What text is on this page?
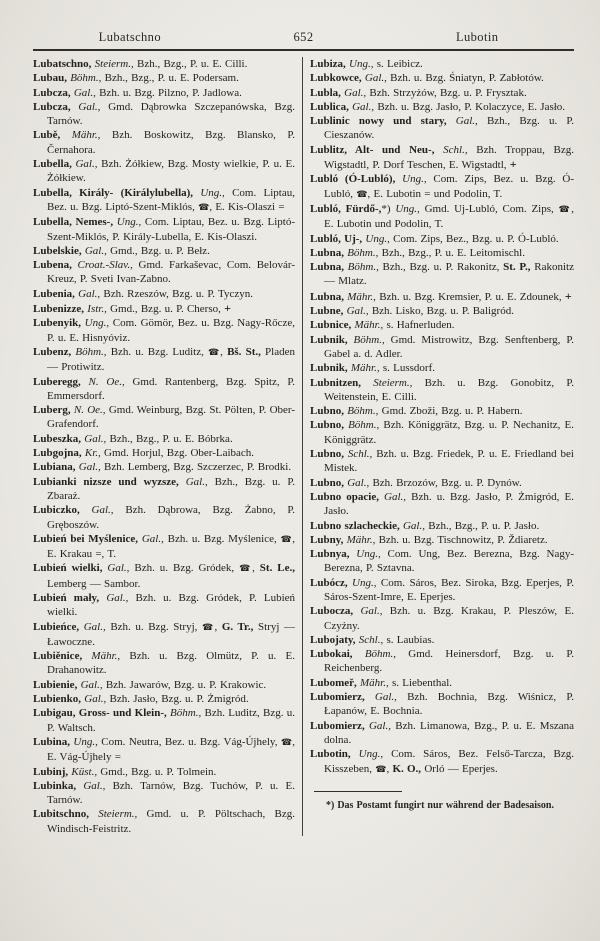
Lubatschno	652	Lubotin

Lubatschno, Steierm., Bzh., Bzg., P. u. E. Cilli.

Lubau, Böhm., Bzh., Bzg., P. u. E. Podersam.

Lubcza, Gal., Bzh. u. Bzg. Pilzno, P. Jadlowa.

Lubcza, Gal., Gmd. Dąbrowka Szczepanówska, Bzg. Tarnów.

Lubě, Mähr., Bzh. Boskowitz, Bzg. Blansko, P. Černahora.

Lubella, Gal., Bzh. Żółkiew, Bzg. Mosty wielkie, P. u. E. Żółkiew.

Lubella, Király- (Királylubella), Ung., Com. Liptau, Bez. u. Bzg. Liptó-Szent-Miklós, ☎, E. Kis-Olaszi =

Lubella, Nemes-, Ung., Com. Liptau, Bez. u. Bzg. Liptó-Szent-Miklós, P. Király-Lubella, E. Kis-Olaszi.

Lubelskie, Gal., Gmd., Bzg. u. P. Bełz.

Lubena, Croat.-Slav., Gmd. Farkaševac, Com. Belovár-Kreuz, P. Sveti Ivan-Zabno.

Lubenia, Gal., Bzh. Rzeszów, Bzg. u. P. Tyczyn.

Lubenizze, Istr., Gmd., Bzg. u. P. Cherso, +

Lubenyik, Ung., Com. Gömör, Bez. u. Bzg. Nagy-Rőcze, P. u. E. Hisnyóviz.

Lubenz, Böhm., Bzh. u. Bzg. Luditz, ☎, Bš. St., Pladen — Protiwitz.

Luberegg, N. Oe., Gmd. Rantenberg, Bzg. Spitz, P. Emmersdorf.

Luberg, N. Oe., Gmd. Weinburg, Bzg. St. Pölten, P. Ober-Grafendorf.

Lubeszka, Gal., Bzh., Bzg., P. u. E. Bóbrka.

Lubgojna, Kr., Gmd. Horjul, Bzg. Ober-Laibach.

Lubiana, Gal., Bzh. Lemberg, Bzg. Szczerzec, P. Brodki.

Lubianki nizsze und wyzsze, Gal., Bzh., Bzg. u. P. Zbaraż.

Lubiczko, Gal., Bzh. Dąbrowa, Bzg. Żabno, P. Gręboszów.

Lubień bei Myślenice, Gal., Bzh. u. Bzg. Myślenice, ☎, E. Krakau =, T.

Lubień wielki, Gal., Bzh. u. Bzg. Gródek, ☎, St. Le., Lemberg — Sambor.

Lubień mały, Gal., Bzh. u. Bzg. Gródek, P. Lubień wielki.

Lubieńce, Gal., Bzh. u. Bzg. Stryj, ☎, G. Tr., Stryj — Ławoczne.

Lubiěnice, Mähr., Bzh. u. Bzg. Olmütz, P. u. E. Drahanowitz.

Lubienie, Gal., Bzh. Jawarów, Bzg. u. P. Krakowic.

Lubienko, Gal., Bzh. Jasło, Bzg. u. P. Żmigród.

Lubigau, Gross- und Klein-, Böhm., Bzh. Luditz, Bzg. u. P. Waltsch.

Lubina, Ung., Com. Neutra, Bez. u. Bzg. Vág-Újhely, ☎, E. Vág-Újhely =

Lubinj, Küst., Gmd., Bzg. u. P. Tolmein.

Lubinka, Gal., Bzh. Tarnów, Bzg. Tuchów, P. u. E. Tarnów.

Lubitschno, Steierm., Gmd. u. P. Pöltschach, Bzg. Windisch-Feistritz.

Lubiza, Ung., s. Leibicz.

Lubkowce, Gal., Bzh. u. Bzg. Śniatyn, P. Zabłotów.

Lubla, Gal., Bzh. Strzyżów, Bzg. u. P. Frysztak.

Lublica, Gal., Bzh. u. Bzg. Jasło, P. Kolaczyce, E. Jasło.

Lublinic nowy und stary, Gal., Bzh., Bzg. u. P. Cieszanów.

Lublitz, Alt- und Neu-, Schl., Bzh. Troppau, Bzg. Wigstadtl, P. Dorf Teschen, E. Wigstadtl, +

Lubló (Ó-Lubló), Ung., Com. Zips, Bez. u. Bzg. Ó-Lubló, ☎, E. Lubotin = und Podolin, T.

Lubló, Fürdő-,*) Ung., Gmd. Uj-Lubló, Com. Zips, ☎, E. Lubotin und Podolin, T.

Lubló, Uj-, Ung., Com. Zips, Bez., Bzg. u. P. Ó-Lubló.

Lubna, Böhm., Bzh., Bzg., P. u. E. Leitomischl.

Lubna, Böhm., Bzh., Bzg. u. P. Rakonitz, St. P., Rakonitz — Mlatz.

Lubna, Mähr., Bzh. u. Bzg. Kremsier, P. u. E. Zdounek, +

Lubne, Gal., Bzh. Lisko, Bzg. u. P. Baligród.

Lubnice, Mähr., s. Hafnerluden.

Lubnik, Böhm., Gmd. Mistrowitz, Bzg. Senftenberg, P. Gabel a. d. Adler.

Lubnik, Mähr., s. Lussdorf.

Lubnitzen, Steierm., Bzh. u. Bzg. Gonobitz, P. Weitenstein, E. Cilli.

Lubno, Böhm., Gmd. Zboži, Bzg. u. P. Habern.

Lubno, Böhm., Bzh. Königgrätz, Bzg. u. P. Nechanitz, E. Königgrätz.

Lubno, Schl., Bzh. u. Bzg. Friedek, P. u. E. Friedland bei Mistek.

Lubno, Gal., Bzh. Brzozów, Bzg. u. P. Dynów.

Lubno opacie, Gal., Bzh. u. Bzg. Jasło, P. Żmigród, E. Jasło.

Lubno szlacheckie, Gal., Bzh., Bzg., P. u. P. Jasło.

Lubny, Mähr., Bzh. u. Bzg. Tischnowitz, P. Ždiaretz.

Lubnya, Ung., Com. Ung, Bez. Berezna, Bzg. Nagy-Berezna, P. Sztavna.

Lubócz, Ung., Com. Sáros, Bez. Siroka, Bzg. Eperjes, P. Sáros-Szent-Imre, E. Eperjes.

Lubocza, Gal., Bzh. u. Bzg. Krakau, P. Pleszów, E. Czyżny.

Lubojaty, Schl., s. Laubias.

Lubokai, Böhm., Gmd. Heinersdorf, Bzg. u. P. Reichenberg.

Lubomeř, Mähr., s. Liebenthal.

Lubomierz, Gal., Bzh. Bochnia, Bzg. Wiśnicz, P. Łapanów, E. Bochnia.

Lubomierz, Gal., Bzh. Limanowa, Bzg., P. u. E. Mszana dolna.

Lubotin, Ung., Com. Sáros, Bez. Felső-Tarcza, Bzg. Kisszeben, ☎, K. O., Orló — Eperjes.

*) Das Postamt fungirt nur während der Badesaison.
